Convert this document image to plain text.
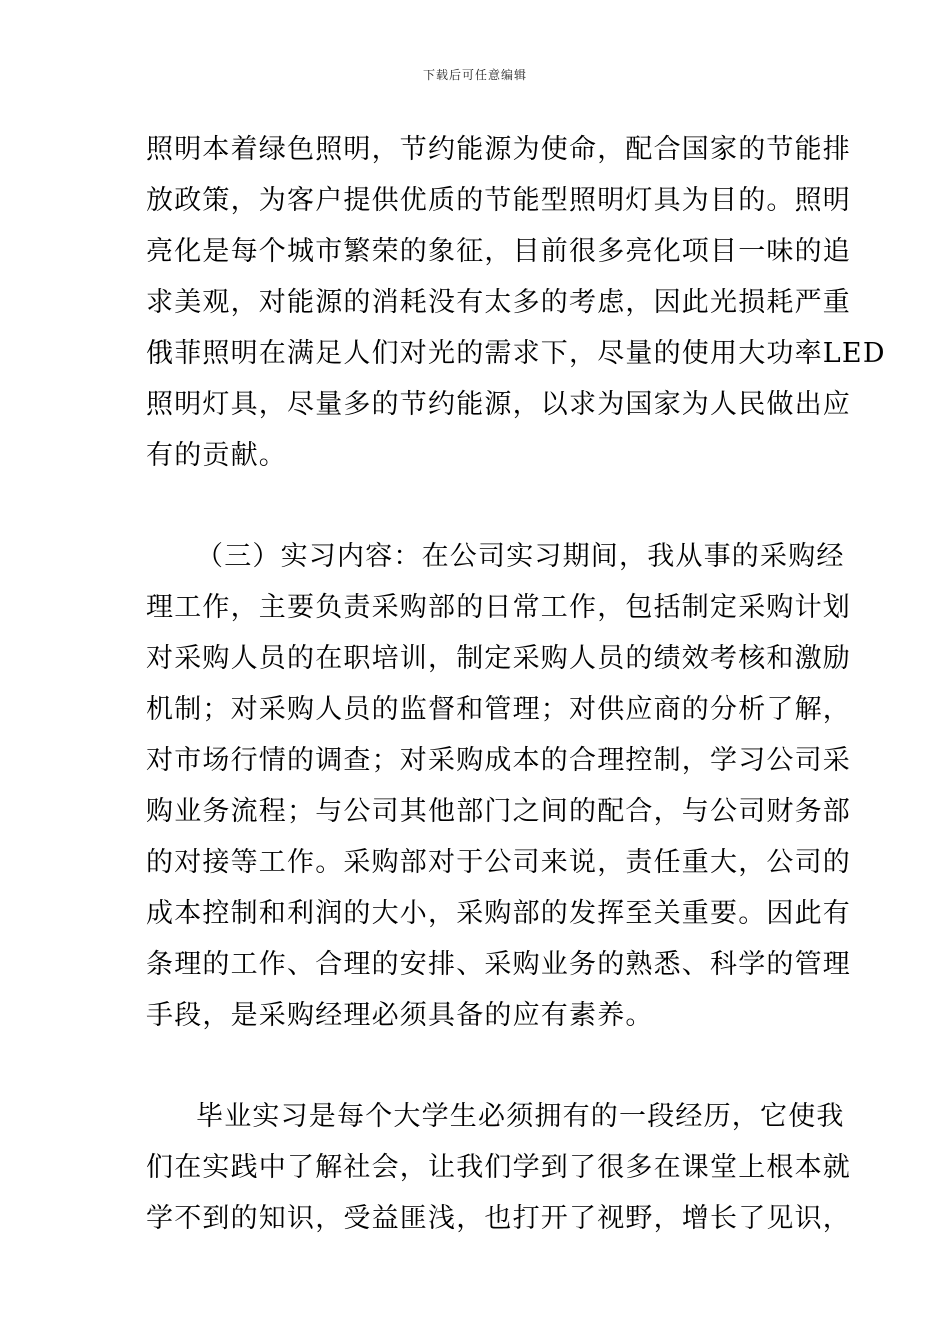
下载后可任意编辑
照明本着绿色照明，节约能源为使命，配合国家的节能排
放政策，为客户提供优质的节能型照明灯具为目的。照明
亮化是每个城市繁荣的象征，目前很多亮化项目一味的追
求美观，对能源的消耗没有太多的考虑，因此光损耗严重
俄菲照明在满足人们对光的需求下，尽量的使用大功率LED
照明灯具，尽量多的节约能源，以求为国家为人民做出应
有的贡献。
（三）实习内容：在公司实习期间，我从事的采购经
理工作，主要负责采购部的日常工作，包括制定采购计划
对采购人员的在职培训，制定采购人员的绩效考核和激励
机制；对采购人员的监督和管理；对供应商的分析了解，
对市场行情的调查；对采购成本的合理控制，学习公司采
购业务流程；与公司其他部门之间的配合，与公司财务部
的对接等工作。采购部对于公司来说，责任重大，公司的
成本控制和利润的大小，采购部的发挥至关重要。因此有
条理的工作、合理的安排、采购业务的熟悉、科学的管理
手段，是采购经理必须具备的应有素养。
毕业实习是每个大学生必须拥有的一段经历，它使我
们在实践中了解社会，让我们学到了很多在课堂上根本就
学不到的知识，受益匪浅，也打开了视野，增长了见识，
